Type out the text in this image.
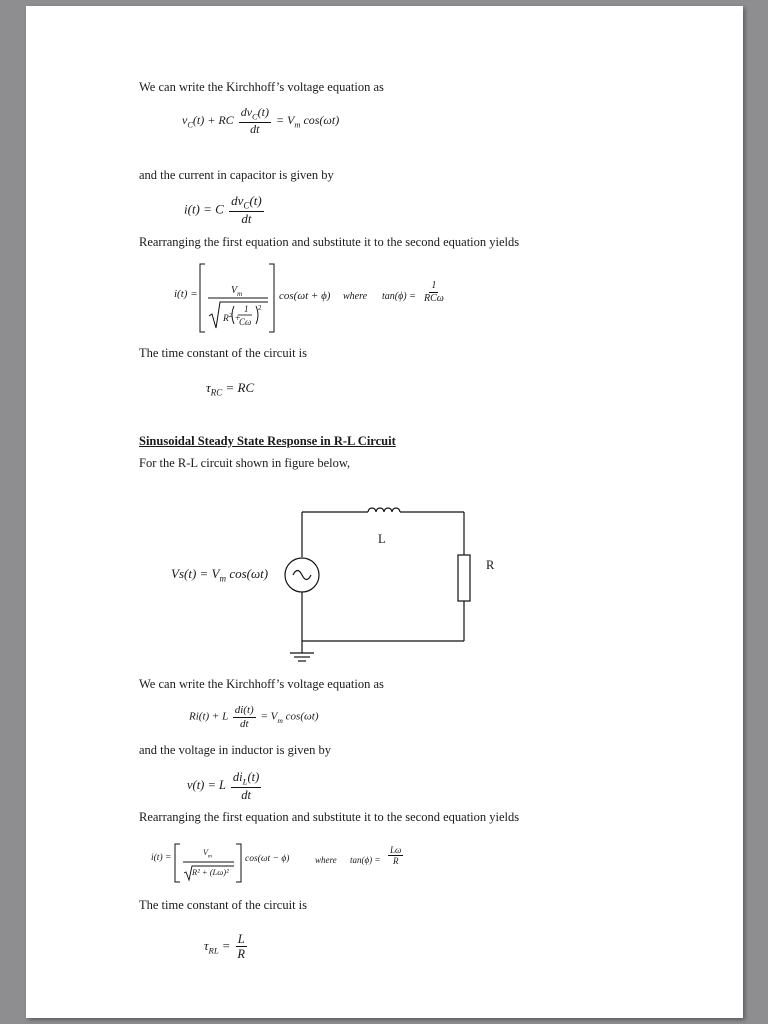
We can write the Kirchhoff’s voltage equation as
$v_C(t)$ + RC $\frac{dv_C(t)}{dt} = V_m$ cos(ωt)
and the current in capacitor is given by
i(t) = C $\frac{dv_C(t)}{dt}$
Rearranging the first equation and substitute it to the second equation yields
i(t) =	$V_m$
$R^2$ +
1
Cω
2
cos(ωt + ϕ) where $\tan(\phi) = \frac{1}{\text{RCω}}$
The time constant of the circuit is
$\tau_{RC}$ = RC
Sinusoidal Steady State Response in R-L Circuit
For the R-L circuit shown in figure below,
L
R
$Vs(t) = V_m$ cos(ωt)
We can write the Kirchhoff’s voltage equation as
Ri(t) + L $\frac{di(t)}{dt} = V_m$ cos(ωt)
and the voltage in inductor is given by
v(t) = L $\frac{di_L(t)}{dt}$
Rearranging the first equation and substitute it to the second equation yields
i(t) =
$V_m$
R² + (Lω)²
cos(ωt − ϕ)	where $\tan(\phi) = \frac{L\omega}{R}$
The time constant of the circuit is
$\tau_{RL} = \frac{L}{R}$
